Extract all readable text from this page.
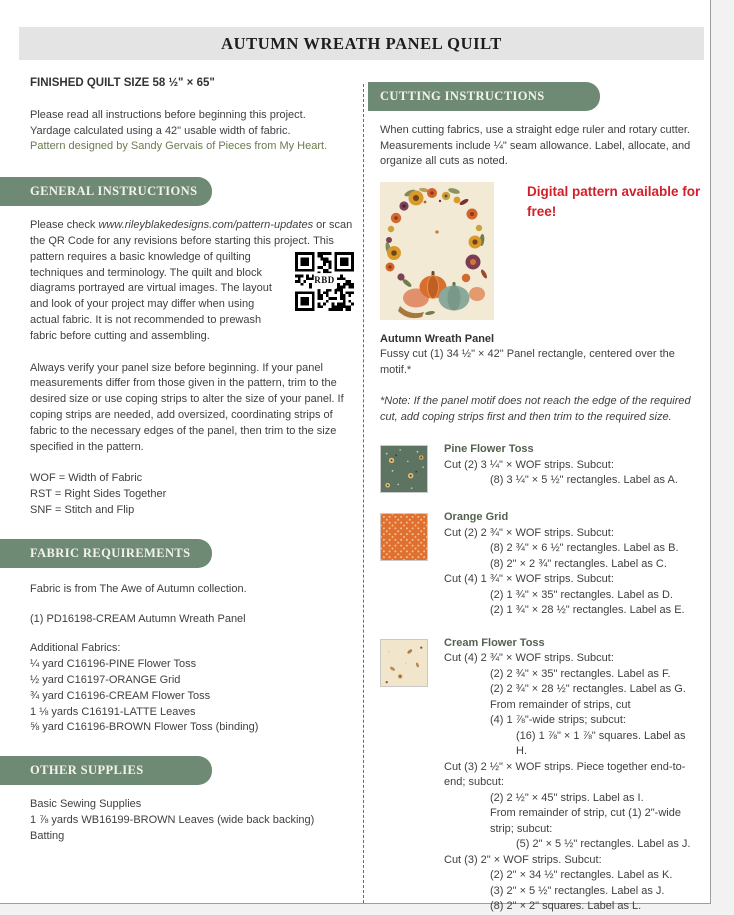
AUTUMN WREATH PANEL QUILT
FINISHED QUILT SIZE 58 ½" × 65"
Please read all instructions before beginning this project.
Yardage calculated using a 42" usable width of fabric.
Pattern designed by Sandy Gervais of Pieces from My Heart.
GENERAL INSTRUCTIONS
Please check www.rileyblakedesigns.com/pattern-updates or scan the QR Code for any revisions before starting this project.
RBD
This pattern requires a basic knowledge of quilting techniques and terminology. The quilt and block diagrams portrayed are virtual images. The layout and look of your project may differ when using actual fabric. It is not recommended to prewash fabric before cutting and assembling.
Always verify your panel size before beginning. If your panel measurements differ from those given in the pattern, trim to the desired size or use coping strips to alter the size of your panel. If coping strips are needed, add oversized, coordinating strips of fabric to the necessary edges of the panel, then trim to the size specified in the pattern.
WOF = Width of Fabric
RST = Right Sides Together
SNF = Stitch and Flip
FABRIC REQUIREMENTS
Fabric is from The Awe of Autumn collection.
(1) PD16198-CREAM Autumn Wreath Panel
Additional Fabrics:
¼ yard C16196-PINE Flower Toss
½ yard C16197-ORANGE Grid
¾ yard C16196-CREAM Flower Toss
1 ⅛ yards C16191-LATTE Leaves
⅝ yard C16196-BROWN Flower Toss (binding)
OTHER SUPPLIES
Basic Sewing Supplies
1 ⅞ yards WB16199-BROWN Leaves (wide back backing)
Batting
CUTTING INSTRUCTIONS
When cutting fabrics, use a straight edge ruler and rotary cutter. Measurements include ¼" seam allowance. Label, allocate, and organize all cuts as noted.
Digital pattern available for free!
Autumn Wreath Panel
Fussy cut (1) 34 ½" × 42" Panel rectangle, centered over the motif.*
*Note: If the panel motif does not reach the edge of the required cut, add coping strips first and then trim to the required size.
Pine Flower Toss
Cut (2) 3 ¼" × WOF strips. Subcut:
(8) 3 ¼" × 5 ½" rectangles. Label as A.
Orange Grid
Cut (2) 2 ¾" × WOF strips. Subcut:
(8) 2 ¾" × 6 ½" rectangles. Label as B.
(8) 2" × 2 ¾" rectangles. Label as C.
Cut (4) 1 ¾" × WOF strips. Subcut:
(2) 1 ¾" × 35" rectangles. Label as D.
(2) 1 ¾" × 28 ½" rectangles. Label as E.
Cream Flower Toss
Cut (4) 2 ¾" × WOF strips. Subcut:
(2) 2 ¾" × 35" rectangles. Label as F.
(2) 2 ¾" × 28 ½" rectangles. Label as G.
From remainder of strips, cut
(4) 1 ⅞"-wide strips; subcut:
(16) 1 ⅞" × 1 ⅞" squares. Label as H.
Cut (3) 2 ½" × WOF strips. Piece together end-to-end; subcut:
(2) 2 ½" × 45" strips. Label as I.
From remainder of strip, cut (1) 2"-wide strip; subcut:
(5) 2" × 5 ½" rectangles. Label as J.
Cut (3) 2" × WOF strips. Subcut:
(2) 2" × 34 ½" rectangles. Label as K.
(3) 2" × 5 ½" rectangles. Label as J.
(8) 2" × 2" squares. Label as L.
